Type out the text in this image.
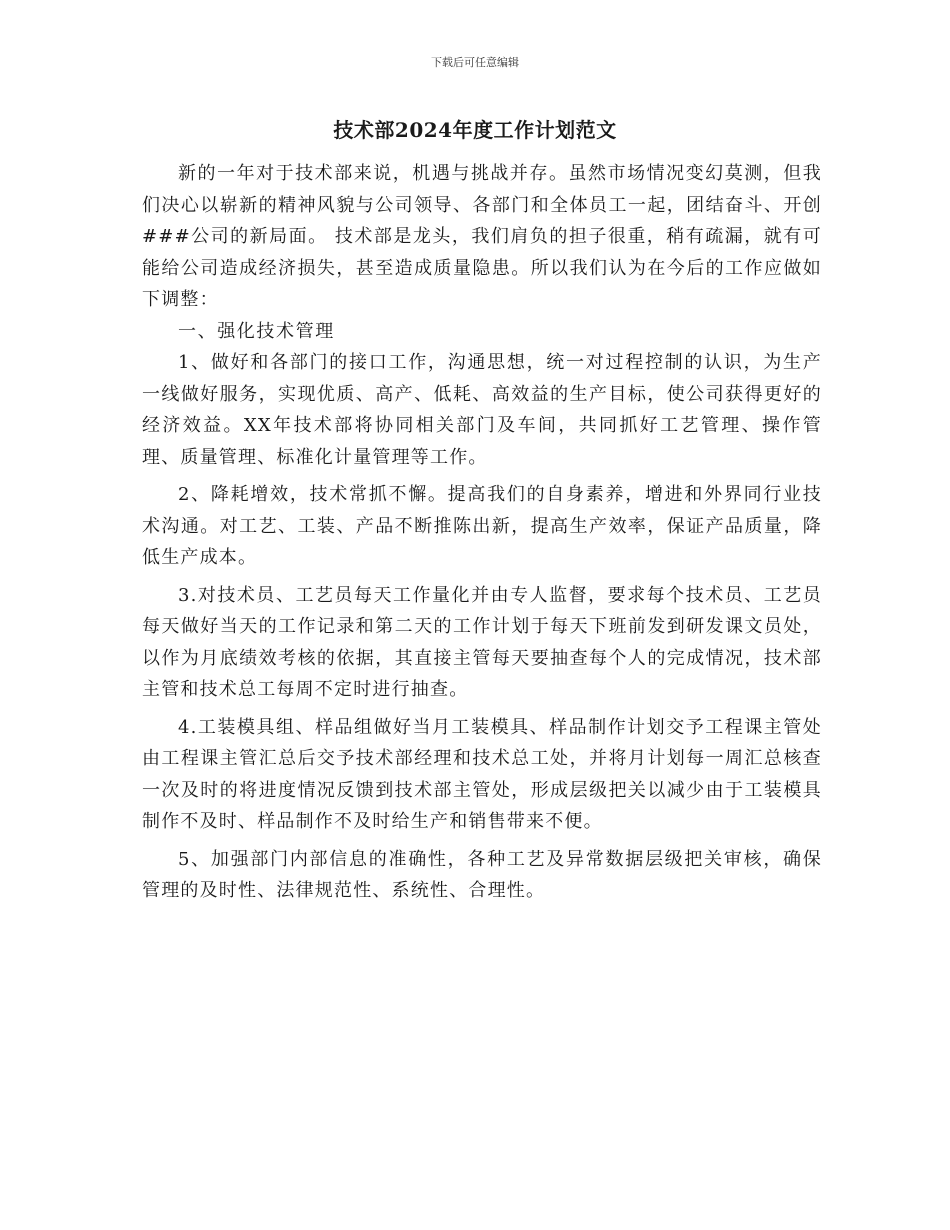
下载后可任意编辑
技术部2024年度工作计划范文

新的一年对于技术部来说，机遇与挑战并存。虽然市场情况变幻莫测，但我们决心以崭新的精神风貌与公司领导、各部门和全体员工一起，团结奋斗、开创###公司的新局面。 技术部是龙头，我们肩负的担子很重，稍有疏漏，就有可能给公司造成经济损失，甚至造成质量隐患。所以我们认为在今后的工作应做如下调整：

一、强化技术管理

1、做好和各部门的接口工作，沟通思想，统一对过程控制的认识，为生产一线做好服务，实现优质、高产、低耗、高效益的生产目标，使公司获得更好的经济效益。XX年技术部将协同相关部门及车间，共同抓好工艺管理、操作管理、质量管理、标准化计量管理等工作。

2、降耗增效，技术常抓不懈。提高我们的自身素养，增进和外界同行业技术沟通。对工艺、工装、产品不断推陈出新，提高生产效率，保证产品质量，降低生产成本。

3.对技术员、工艺员每天工作量化并由专人监督，要求每个技术员、工艺员每天做好当天的工作记录和第二天的工作计划于每天下班前发到研发课文员处，以作为月底绩效考核的依据，其直接主管每天要抽查每个人的完成情况，技术部主管和技术总工每周不定时进行抽查。

4.工装模具组、样品组做好当月工装模具、样品制作计划交予工程课主管处由工程课主管汇总后交予技术部经理和技术总工处，并将月计划每一周汇总核查一次及时的将进度情况反馈到技术部主管处，形成层级把关以减少由于工装模具制作不及时、样品制作不及时给生产和销售带来不便。

5、加强部门内部信息的准确性，各种工艺及异常数据层级把关审核，确保管理的及时性、法律规范性、系统性、合理性。
